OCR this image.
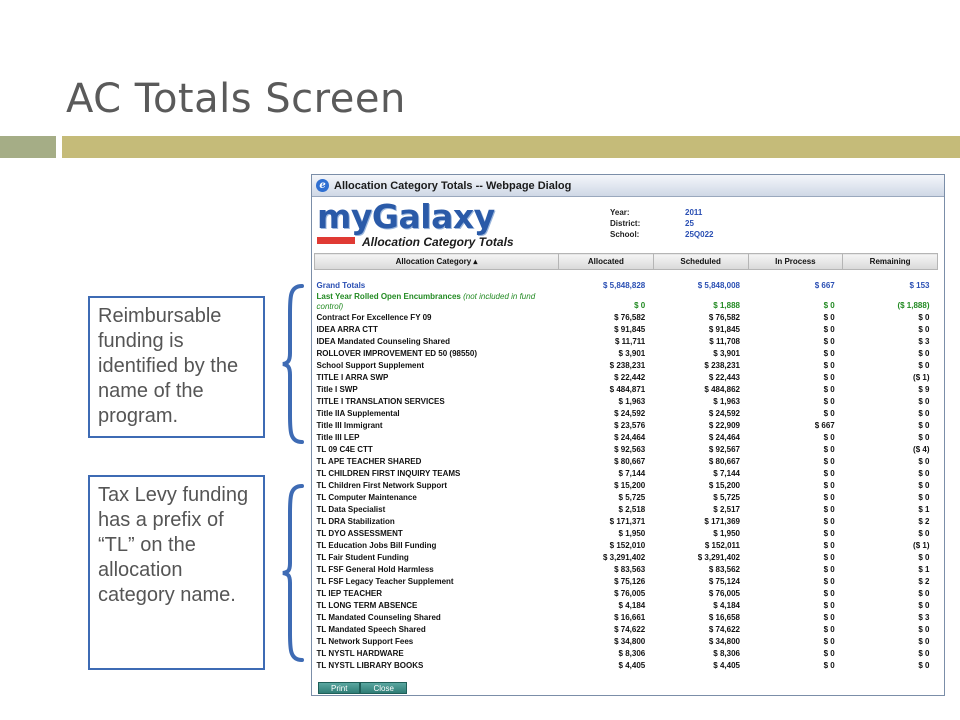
AC Totals Screen
Reimbursable funding is identified by the name of the program.
Tax Levy funding has a prefix of “TL” on the allocation category name.
e Allocation Category Totals -- Webpage Dialog
myGalaxy
Allocation Category Totals
Year:	2011
District:	25
School:	25Q022
Allocation Category ▴	Allocated	Scheduled	In Process	Remaining

Grand Totals	$ 5,848,828	$ 5,848,008	$ 667	$ 153
Last Year Rolled Open Encumbrances (not included in fund control)	$ 0	$ 1,888	$ 0	($ 1,888)
Contract For Excellence FY 09	$ 76,582	$ 76,582	$ 0	$ 0
IDEA ARRA CTT	$ 91,845	$ 91,845	$ 0	$ 0
IDEA Mandated Counseling Shared	$ 11,711	$ 11,708	$ 0	$ 3
ROLLOVER IMPROVEMENT ED 50 (98550)	$ 3,901	$ 3,901	$ 0	$ 0
School Support Supplement	$ 238,231	$ 238,231	$ 0	$ 0
TITLE I ARRA SWP	$ 22,442	$ 22,443	$ 0	($ 1)
Title I SWP	$ 484,871	$ 484,862	$ 0	$ 9
TITLE I TRANSLATION SERVICES	$ 1,963	$ 1,963	$ 0	$ 0
Title IIA Supplemental	$ 24,592	$ 24,592	$ 0	$ 0
Title III Immigrant	$ 23,576	$ 22,909	$ 667	$ 0
Title III LEP	$ 24,464	$ 24,464	$ 0	$ 0
TL 09 C4E CTT	$ 92,563	$ 92,567	$ 0	($ 4)
TL APE TEACHER SHARED	$ 80,667	$ 80,667	$ 0	$ 0
TL CHILDREN FIRST INQUIRY TEAMS	$ 7,144	$ 7,144	$ 0	$ 0
TL Children First Network Support	$ 15,200	$ 15,200	$ 0	$ 0
TL Computer Maintenance	$ 5,725	$ 5,725	$ 0	$ 0
TL Data Specialist	$ 2,518	$ 2,517	$ 0	$ 1
TL DRA Stabilization	$ 171,371	$ 171,369	$ 0	$ 2
TL DYO ASSESSMENT	$ 1,950	$ 1,950	$ 0	$ 0
TL Education Jobs Bill Funding	$ 152,010	$ 152,011	$ 0	($ 1)
TL Fair Student Funding	$ 3,291,402	$ 3,291,402	$ 0	$ 0
TL FSF General Hold Harmless	$ 83,563	$ 83,562	$ 0	$ 1
TL FSF Legacy Teacher Supplement	$ 75,126	$ 75,124	$ 0	$ 2
TL IEP TEACHER	$ 76,005	$ 76,005	$ 0	$ 0
TL LONG TERM ABSENCE	$ 4,184	$ 4,184	$ 0	$ 0
TL Mandated Counseling Shared	$ 16,661	$ 16,658	$ 0	$ 3
TL Mandated Speech Shared	$ 74,622	$ 74,622	$ 0	$ 0
TL Network Support Fees	$ 34,800	$ 34,800	$ 0	$ 0
TL NYSTL HARDWARE	$ 8,306	$ 8,306	$ 0	$ 0
TL NYSTL LIBRARY BOOKS	$ 4,405	$ 4,405	$ 0	$ 0
Print	Close
